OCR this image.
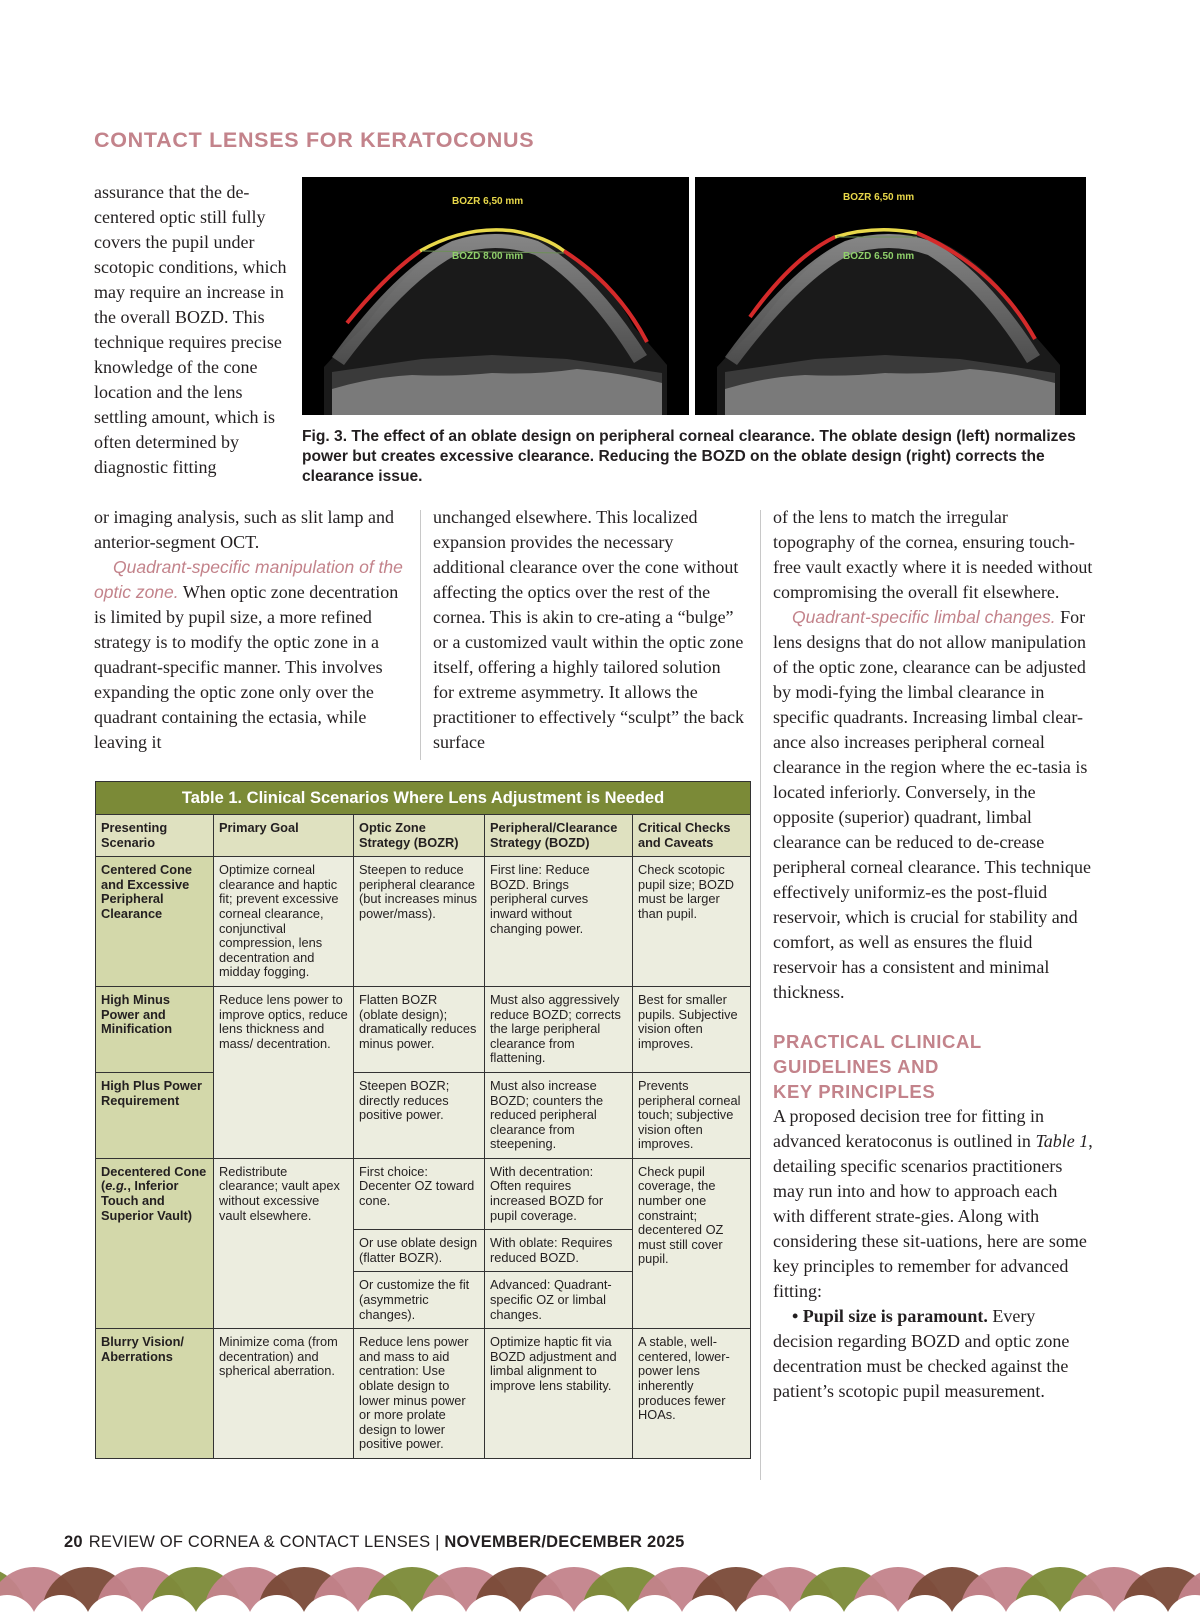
CONTACT LENSES FOR KERATOCONUS

assurance that the de-centered optic still fully covers the pupil under scotopic conditions, which may require an increase in the overall BOZD. This technique requires precise knowledge of the cone location and the lens settling amount, which is often determined by diagnostic fitting

BOZR 6,50 mm
BOZD 8.00 mm
BOZR 6,50 mm
BOZD 6.50 mm
Fig. 3. The effect of an oblate design on peripheral corneal clearance. The oblate design (left) normalizes power but creates excessive clearance. Reducing the BOZD on the oblate design (right) corrects the clearance issue.

or imaging analysis, such as slit lamp and anterior-segment OCT.

Quadrant-specific manipulation of the optic zone. When optic zone decentration is limited by pupil size, a more refined strategy is to modify the optic zone in a quadrant-specific manner. This involves expanding the optic zone only over the quadrant containing the ectasia, while leaving it

unchanged elsewhere. This localized expansion provides the necessary additional clearance over the cone without affecting the optics over the rest of the cornea. This is akin to cre-ating a “bulge” or a customized vault within the optic zone itself, offering a highly tailored solution for extreme asymmetry. It allows the practitioner to effectively “sculpt” the back surface

of the lens to match the irregular topography of the cornea, ensuring touch-free vault exactly where it is needed without compromising the overall fit elsewhere.

Quadrant-specific limbal changes. For lens designs that do not allow manipulation of the optic zone, clearance can be adjusted by modi-fying the limbal clearance in specific quadrants. Increasing limbal clear-ance also increases peripheral corneal clearance in the region where the ec-tasia is located inferiorly. Conversely, in the opposite (superior) quadrant, limbal clearance can be reduced to de-crease peripheral corneal clearance. This technique effectively uniformiz-es the post-fluid reservoir, which is crucial for stability and comfort, as well as ensures the fluid reservoir has a consistent and minimal thickness.

PRACTICAL CLINICAL
GUIDELINES AND
KEY PRINCIPLES

A proposed decision tree for fitting in advanced keratoconus is outlined in Table 1, detailing specific scenarios practitioners may run into and how to approach each with different strate-gies. Along with considering these sit-uations, here are some key principles to remember for advanced fitting:

• Pupil size is paramount. Every decision regarding BOZD and optic zone decentration must be checked against the patient’s scotopic pupil measurement.

Table 1. Clinical Scenarios Where Lens Adjustment is Needed				
Presenting Scenario	Primary Goal	Optic Zone Strategy (BOZR)	Peripheral/Clearance Strategy (BOZD)	Critical Checks and Caveats
Centered Cone and Excessive Peripheral Clearance	Optimize corneal clearance and haptic fit; prevent excessive corneal clearance, conjunctival compression, lens decentration and midday fogging.	Steepen to reduce peripheral clearance (but increases minus power/mass).	First line: Reduce BOZD. Brings peripheral curves inward without changing power.	Check scotopic pupil size; BOZD must be larger than pupil.
High Minus Power and Minification	Reduce lens power to improve optics, reduce lens thickness and mass/ decentration.	Flatten BOZR (oblate design); dramatically reduces minus power.	Must also aggressively reduce BOZD; corrects the large peripheral clearance from flattening.	Best for smaller pupils. Subjective vision often improves.
High Plus Power Requirement		Steepen BOZR; directly reduces positive power.	Must also increase BOZD; counters the reduced peripheral clearance from steepening.	Prevents peripheral corneal touch; subjective vision often improves.
Decentered Cone (e.g., Inferior Touch and Superior Vault)	Redistribute clearance; vault apex without excessive vault elsewhere.	First choice: Decenter OZ toward cone.	With decentration: Often requires increased BOZD for pupil coverage.	Check pupil coverage, the number one constraint; decentered OZ must still cover pupil.
		Or use oblate design (flatter BOZR).	With oblate: Requires reduced BOZD.	
		Or customize the fit (asymmetric changes).	Advanced: Quadrant-specific OZ or limbal changes.	
Blurry Vision/ Aberrations	Minimize coma (from decentration) and spherical aberration.	Reduce lens power and mass to aid centration: Use oblate design to lower minus power or more prolate design to lower positive power.	Optimize haptic fit via BOZD adjustment and limbal alignment to improve lens stability.	A stable, well-centered, lower-power lens inherently produces fewer HOAs.
20 REVIEW OF CORNEA & CONTACT LENSES | NOVEMBER/DECEMBER 2025
